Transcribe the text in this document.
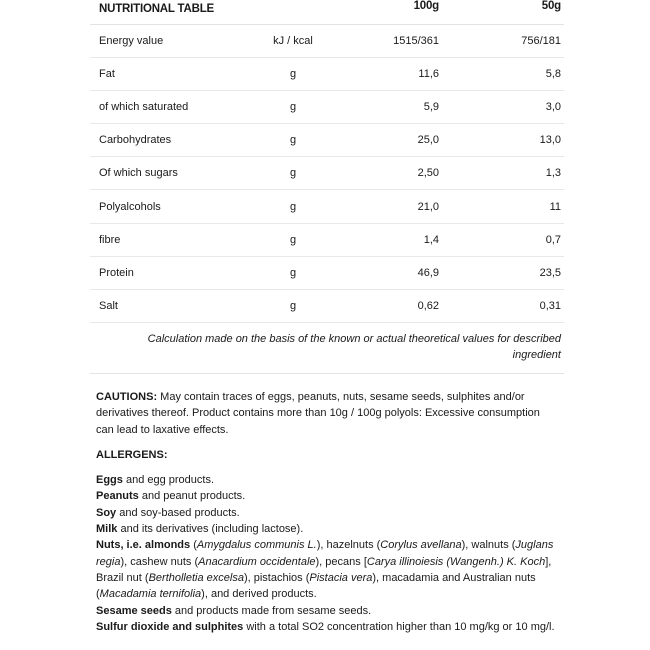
NUTRITIONAL TABLE		100g	50g
Energy value	kJ / kcal	1515/361	756/181
Fat	g	11,6	5,8
of which saturated	g	5,9	3,0
Carbohydrates	g	25,0	13,0
Of which sugars	g	2,50	1,3
Polyalcohols	g	21,0	11
fibre	g	1,4	0,7
Protein	g	46,9	23,5
Salt	g	0,62	0,31
Calculation made on the basis of the known or actual theoretical values for described ingredient			

CAUTIONS: May contain traces of eggs, peanuts, nuts, sesame seeds, sulphites and/or derivatives thereof. Product contains more than 10g / 100g polyols: Excessive consumption can lead to laxative effects.

ALLERGENS:

Eggs and egg products.

Peanuts and peanut products.

Soy and soy-based products.

Milk and its derivatives (including lactose).

Nuts, i.e. almonds (Amygdalus communis L.), hazelnuts (Corylus avellana), walnuts (Juglans regia), cashew nuts (Anacardium occidentale), pecans [Carya illinoiesis (Wangenh.) K. Koch], Brazil nut (Bertholletia excelsa), pistachios (Pistacia vera), macadamia and Australian nuts (Macadamia ternifolia), and derived products.

Sesame seeds and products made from sesame seeds.

Sulfur dioxide and sulphites with a total SO2 concentration higher than 10 mg/kg or 10 mg/l.
